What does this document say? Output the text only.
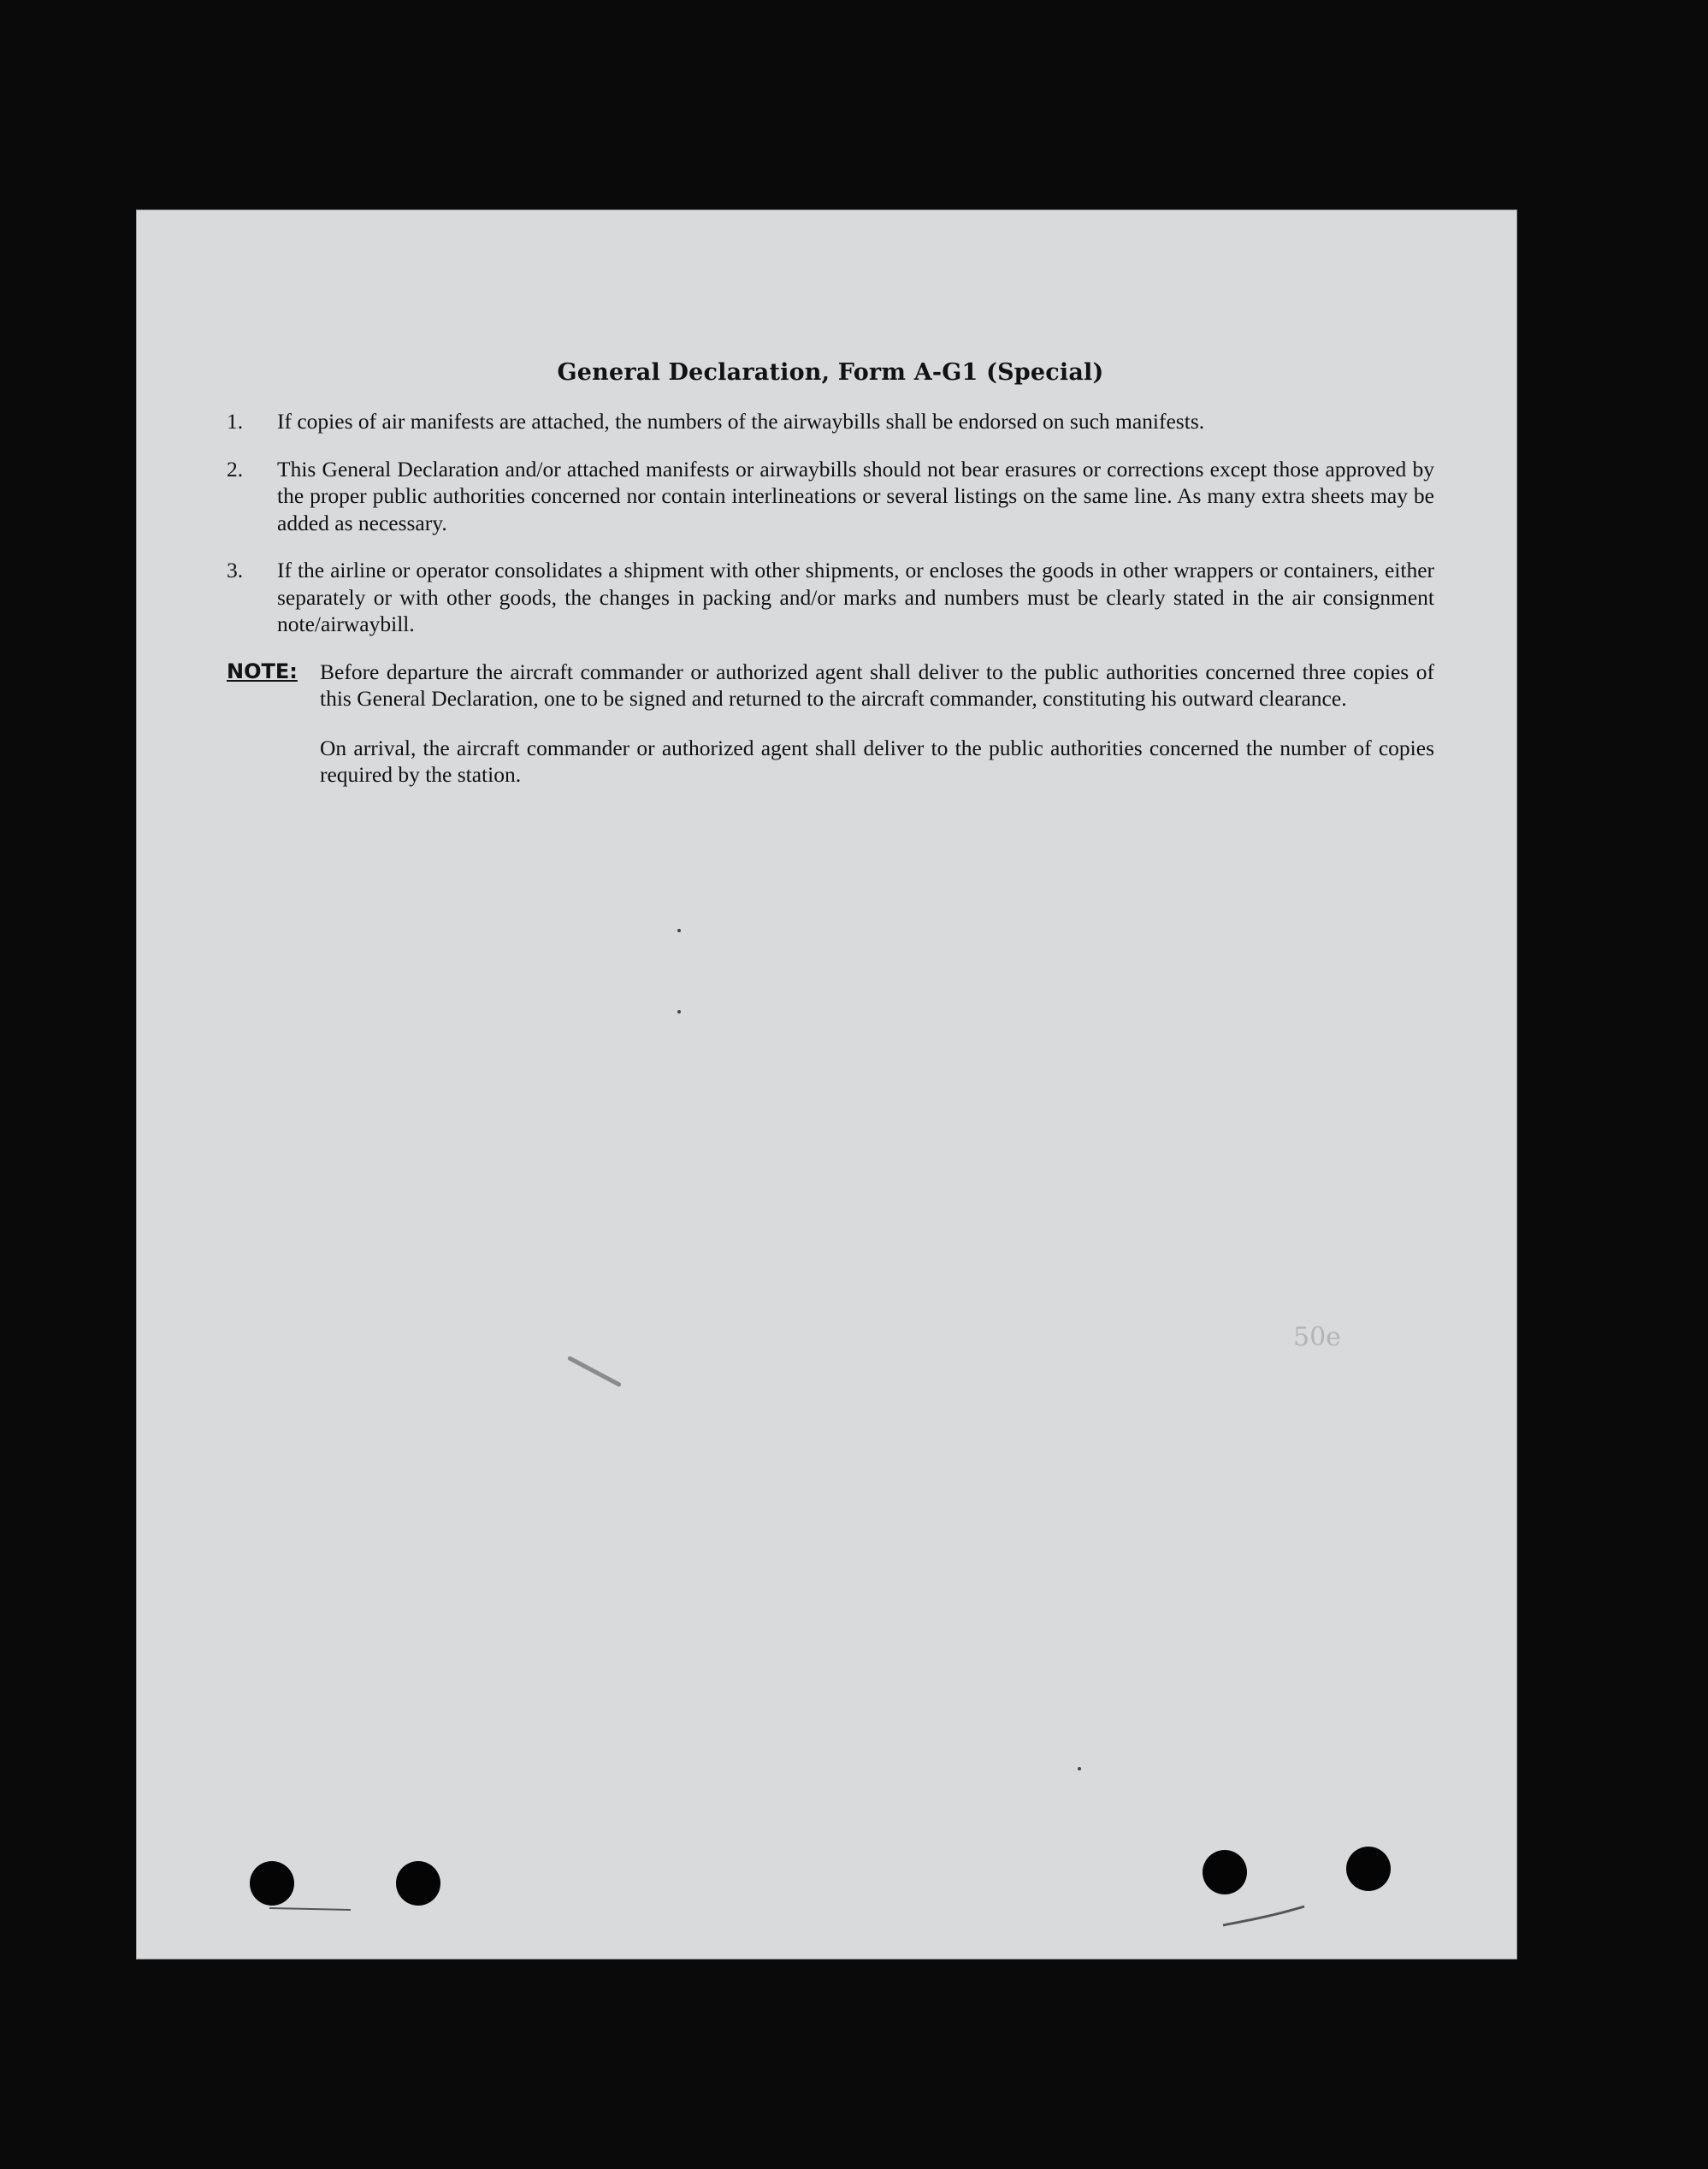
General Declaration, Form A-G1 (Special)
1.	If copies of air manifests are attached, the numbers of the airwaybills shall be endorsed on such manifests.
2.	This General Declaration and/or attached manifests or airwaybills should not bear erasures or corrections except those approved by the proper public authorities concerned nor contain interlineations or several listings on the same line. As many extra sheets may be added as necessary.
3.	If the airline or operator consolidates a shipment with other shipments, or encloses the goods in other wrappers or containers, either separately or with other goods, the changes in packing and/or marks and numbers must be clearly stated in the air consignment note/airwaybill.
NOTE:	Before departure the aircraft commander or authorized agent shall deliver to the public authorities concerned three copies of this General Declaration, one to be signed and returned to the aircraft commander, constituting his outward clearance.

On arrival, the aircraft commander or authorized agent shall deliver to the public authorities concerned the number of copies required by the station.

50e
